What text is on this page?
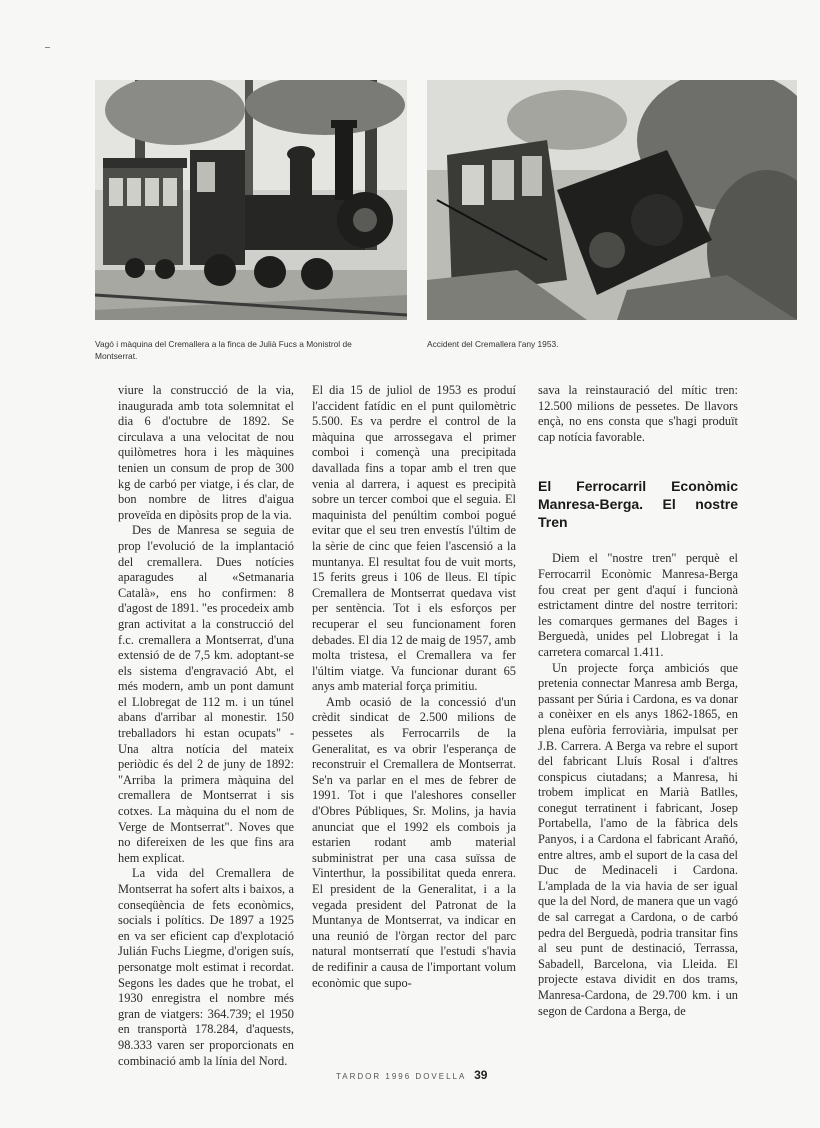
Vagó i màquina del Cremallera a la finca de Julià Fucs a Monistrol de Montserrat.
Accident del Cremallera l'any 1953.

viure la construcció de la via, inaugurada amb tota solemnitat el dia 6 d'octubre de 1892. Se circulava a una velocitat de nou quilòmetres hora i les màquines tenien un consum de prop de 300 kg de carbó per viatge, i és clar, de bon nombre de litres d'aigua proveïda en dipòsits prop de la via.

Des de Manresa se seguia de prop l'evolució de la implantació del cremallera. Dues notícies aparagudes al «Setmanaria Català», ens ho confirmen: 8 d'agost de 1891. "es procedeix amb gran activitat a la construcció del f.c. cremallera a Montserrat, d'una extensió de de 7,5 km. adoptant-se els sistema d'engravació Abt, el més modern, amb un pont damunt el Llobregat de 112 m. i un túnel abans d'arribar al monestir. 150 treballadors hi estan ocupats" - Una altra notícia del mateix periòdic és del 2 de juny de 1892: "Arriba la primera màquina del cremallera de Montserrat i sis cotxes. La màquina du el nom de Verge de Montserrat". Noves que no difereixen de les que fins ara hem explicat.

La vida del Cremallera de Montserrat ha sofert alts i baixos, a conseqüència de fets econòmics, socials i polítics. De 1897 a 1925 en va ser eficient cap d'explotació Julián Fuchs Liegme, d'origen suís, personatge molt estimat i recordat. Segons les dades que he trobat, el 1930 enregistra el nombre més gran de viatgers: 364.739; el 1950 en transportà 178.284, d'aquests, 98.333 varen ser proporcionats en combinació amb la línia del Nord.

El dia 15 de juliol de 1953 es produí l'accident fatídic en el punt quilomètric 5.500. Es va perdre el control de la màquina que arrossegava el primer comboi i començà una precipitada davallada fins a topar amb el tren que venia al darrera, i aquest es precipità sobre un tercer comboi que el seguia. El maquinista del penúltim comboi pogué evitar que el seu tren envestís l'últim de la sèrie de cinc que feien l'ascensió a la muntanya. El resultat fou de vuit morts, 15 ferits greus i 106 de lleus. El típic Cremallera de Montserrat quedava vist per sentència. Tot i els esforços per recuperar el seu funcionament foren debades. El dia 12 de maig de 1957, amb molta tristesa, el Cremallera va fer l'últim viatge. Va funcionar durant 65 anys amb material força primitiu.

Amb ocasió de la concessió d'un crèdit sindicat de 2.500 milions de pessetes als Ferrocarrils de la Generalitat, es va obrir l'esperança de reconstruir el Cremallera de Montserrat. Se'n va parlar en el mes de febrer de 1991. Tot i que l'aleshores conseller d'Obres Públiques, Sr. Molins, ja havia anunciat que el 1992 els combois ja estarien rodant amb material subministrat per una casa suïssa de Vinterthur, la possibilitat queda enrera. El president de la Generalitat, i a la vegada president del Patronat de la Muntanya de Montserrat, va indicar en una reunió de l'òrgan rector del parc natural montserratí que l'estudi s'havia de redifinir a causa de l'important volum econòmic que supo-

sava la reinstauració del mític tren: 12.500 milions de pessetes. De llavors ençà, no ens consta que s'hagi produït cap notícia favorable.

El Ferrocarril Econòmic Manresa-Berga. El nostre Tren

Diem el "nostre tren" perquè el Ferrocarril Econòmic Manresa-Berga fou creat per gent d'aquí i funcionà estrictament dintre del nostre territori: les comarques germanes del Bages i Berguedà, unides pel Llobregat i la carretera comarcal 1.411.

Un projecte força ambiciós que pretenia connectar Manresa amb Berga, passant per Súria i Cardona, es va donar a conèixer en els anys 1862-1865, en plena eufòria ferroviària, impulsat per J.B. Carrera. A Berga va rebre el suport del fabricant Lluís Rosal i d'altres conspicus ciutadans; a Manresa, hi trobem implicat en Marià Batlles, conegut terratinent i fabricant, Josep Portabella, l'amo de la fàbrica dels Panyos, i a Cardona el fabricant Arañó, entre altres, amb el suport de la casa del Duc de Medinaceli i Cardona. L'amplada de la via havia de ser igual que la del Nord, de manera que un vagó de sal carregat a Cardona, o de carbó pedra del Berguedà, podria transitar fins al seu punt de destinació, Terrassa, Sabadell, Barcelona, via Lleida. El projecte estava dividit en dos trams, Manresa-Cardona, de 29.700 km. i un segon de Cardona a Berga, de

TARDOR 1996 DOVELLA 39
